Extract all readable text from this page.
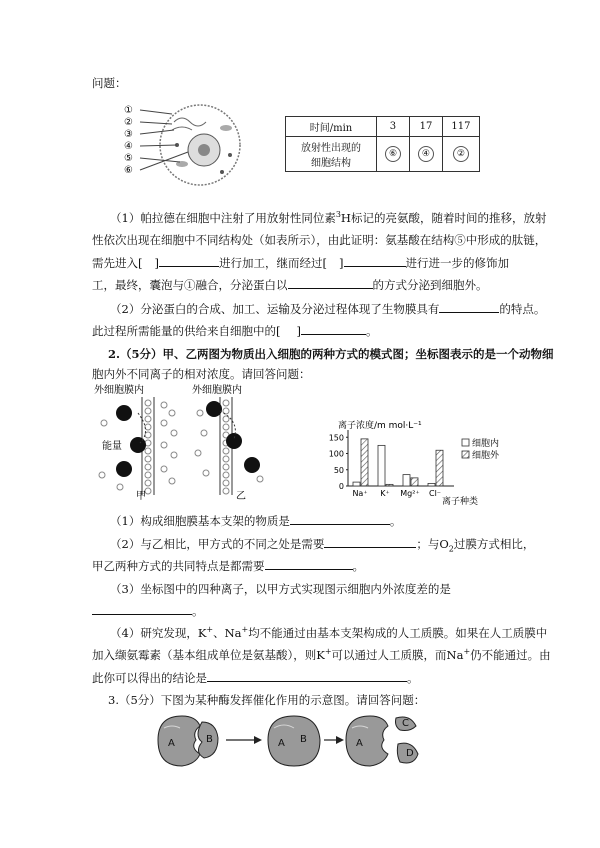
问题：
①
②
③
④
⑤
⑥
时间/min	3	17	117

放射性出现的
细胞结构	⑥	④	②
（1）帕拉德在细胞中注射了用放射性同位素$^3$H标记的亮氨酸，随着时间的推移，放射
性依次出现在细胞中不同结构处（如表所示），由此证明：氨基酸在结构⑤中形成的肽链，
需先进入[ ]	进行加工，继而经过[ ]	进行进一步的修饰加
工，最终，囊泡与①融合，分泌蛋白以	的方式分泌到细胞外。
（2）分泌蛋白的合成、加工、运输及分泌过程体现了生物膜具有	的特点。
此过程所需能量的供给来自细胞中的[ ]	。
2.（5分）甲、乙两图为物质出入细胞的两种方式的模式图；坐标图表示的是一个动物细
胞内外不同离子的相对浓度。请回答问题：
外细胞膜内
能量
甲
外细胞膜内
乙
离子浓度/m mol·L⁻¹
0
50
100
150
Na⁺ K⁺ Mg²⁺ Cl⁻
离子种类
细胞内
细胞外
（1）构成细胞膜基本支架的物质是	。
（2）与乙相比，甲方式的不同之处是需要	；与$O_2$过膜方式相比，
甲乙两种方式的共同特点是都需要	。
（3）坐标图中的四种离子，以甲方式实现图示细胞内外浓度差的是
。
（4）研究发现，K+、Na+均不能通过由基本支架构成的人工质膜。如果在人工质膜中
加入缬氨霉素（基本组成单位是氨基酸），则K+可以通过人工质膜，而Na+仍不能通过。由
此你可以得出的结论是	。
3.（5分）下图为某种酶发挥催化作用的示意图。请回答问题：
A	B	A B	A
C
D
